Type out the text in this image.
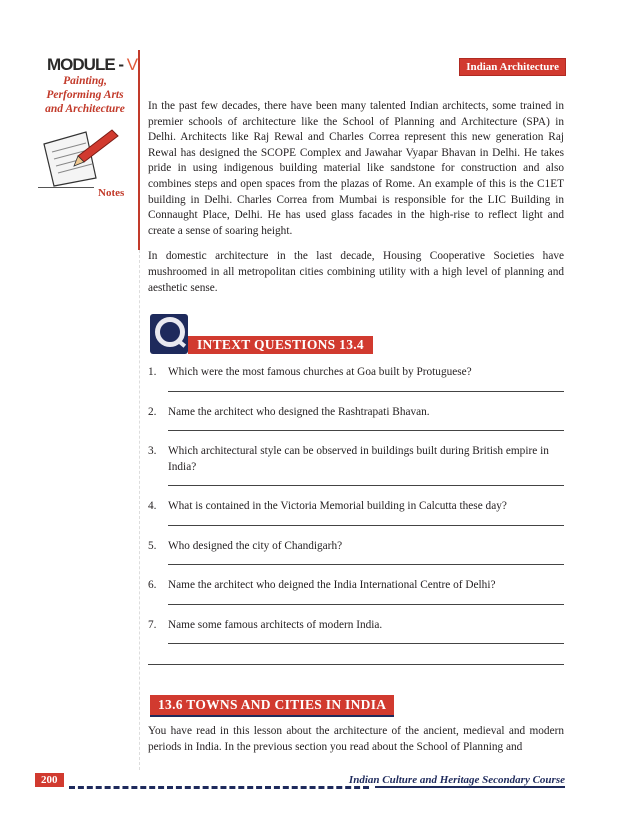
MODULE - V
Painting,
Performing Arts
and Architecture
Notes
Indian Architecture

In the past few decades, there have been many talented Indian architects, some trained in premier schools of architecture like the School of Planning and Architecture (SPA) in Delhi. Architects like Raj Rewal and Charles Correa represent this new generation Raj Rewal has designed the SCOPE Complex and Jawahar Vyapar Bhavan in Delhi. He takes pride in using indigenous building material like sandstone for construction and also combines steps and open spaces from the plazas of Rome. An example of this is the C1ET building in Delhi. Charles Correa from Mumbai is responsible for the LIC Building in Connaught Place, Delhi. He has used glass facades in the high-rise to reflect light and create a sense of soaring height.

In domestic architecture in the last decade, Housing Cooperative Societies have mushroomed in all metropolitan cities combining utility with a high level of planning and aesthetic sense.

INTEXT QUESTIONS 13.4
1.	Which were the most famous churches at Goa built by Protuguese?
2.	Name the architect who designed the Rashtrapati Bhavan.
3.	Which architectural style can be observed in buildings built during British empire in India?
4.	What is contained in the Victoria Memorial building in Calcutta these day?
5.	Who designed the city of Chandigarh?
6.	Name the architect who deigned the India International Centre of Delhi?
7.	Name some famous architects of modern India.
13.6 TOWNS AND CITIES IN INDIA
You have read in this lesson about the architecture of the ancient, medieval and modern periods in India. In the previous section you read about the School of Planning and
200	Indian Culture and Heritage Secondary Course
